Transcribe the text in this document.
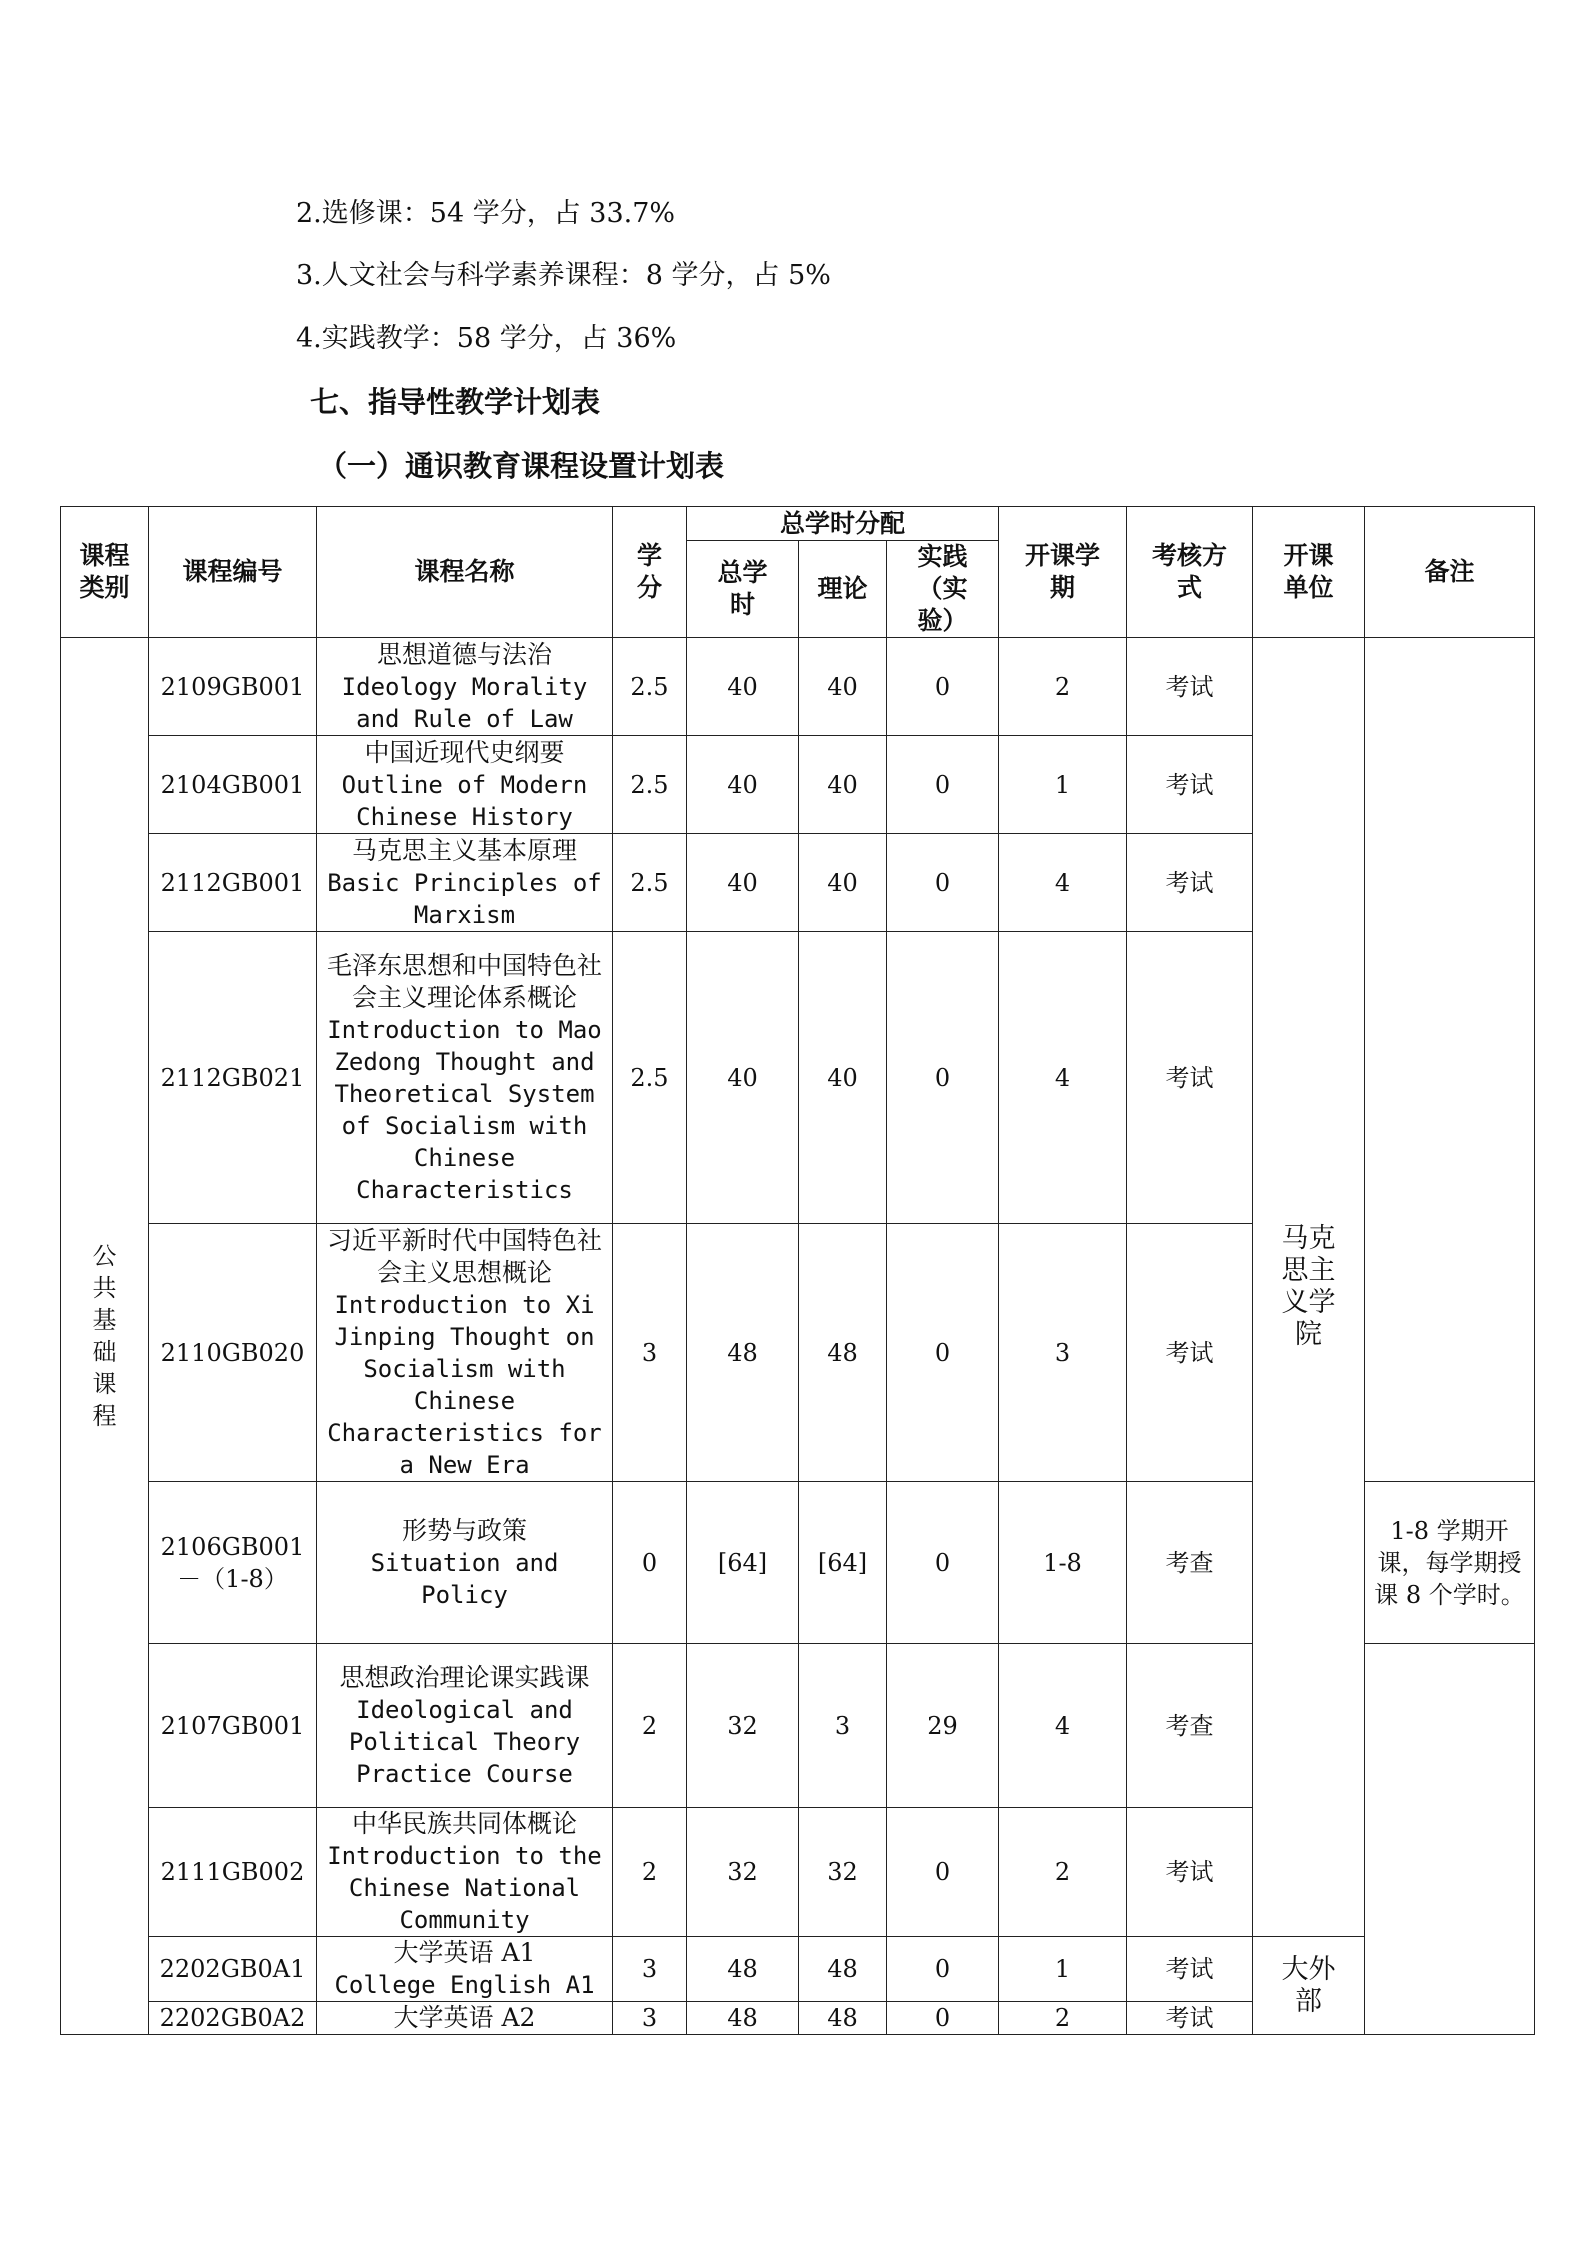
2.选修课：54 学分，占 33.7%
3.人文社会与科学素养课程：8 学分，占 5%
4.实践教学：58 学分，占 36%
七、指导性教学计划表
（一）通识教育课程设置计划表
课程类别	课程编号	课程名称	学分	总学时分配			开课学期	考核方式	开课单位	备注
				总学时	理论	实践（实验）				
公共基础课程	2109GB001	思想道德与法治
Ideology Morality and Rule of Law	2.5	40	40	0	2	考试	马克思主义学院	
	2104GB001	中国近现代史纲要
Outline of Modern Chinese History	2.5	40	40	0	1	考试		
	2112GB001	马克思主义基本原理
Basic Principles of Marxism	2.5	40	40	0	4	考试		
	2112GB021	毛泽东思想和中国特色社会主义理论体系概论
Introduction to Mao Zedong Thought and Theoretical System of Socialism with Chinese Characteristics	2.5	40	40	0	4	考试		
	2110GB020	习近平新时代中国特色社会主义思想概论
Introduction to Xi Jinping Thought on Socialism with Chinese Characteristics for a New Era	3	48	48	0	3	考试		
	2106GB001－（1-8）	形势与政策
Situation and Policy	0	[64]	[64]	0	1-8	考查		1-8 学期开课，每学期授课 8 个学时。
	2107GB001	思想政治理论课实践课
Ideological and Political Theory Practice Course	2	32	3	29	4	考查		
	2111GB002	中华民族共同体概论
Introduction to the Chinese National Community	2	32	32	0	2	考试		
	2202GB0A1	大学英语 A1
College English A1	3	48	48	0	1	考试	大外部	
	2202GB0A2	大学英语 A2	3	48	48	0	2	考试		
